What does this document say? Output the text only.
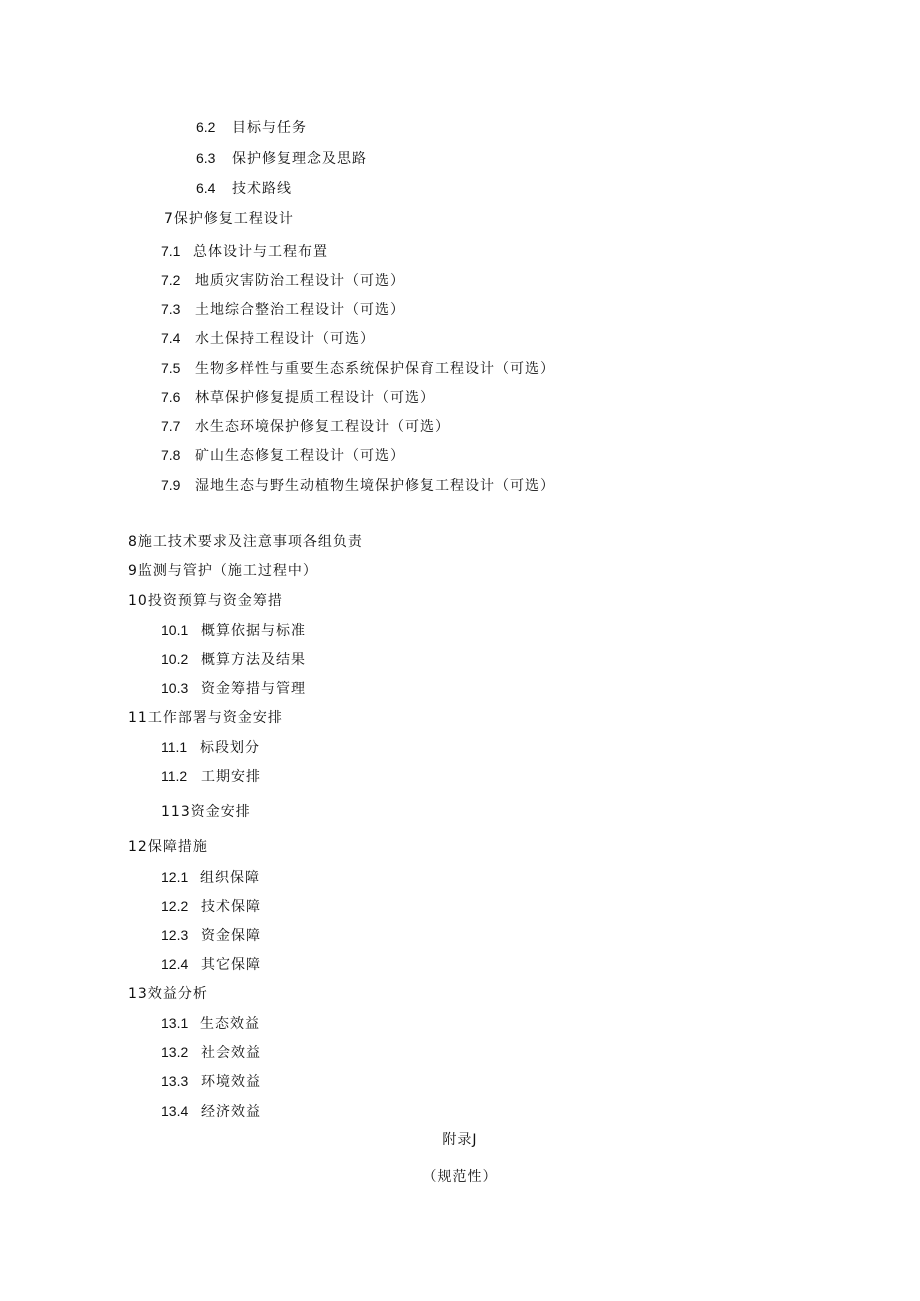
6.2 目标与任务
6.3 保护修复理念及思路
6.4 技术路线
7保护修复工程设计
7.1 总体设计与工程布置
7.2 地质灾害防治工程设计（可选）
7.3 土地综合整治工程设计（可选）
7.4 水土保持工程设计（可选）
7.5 生物多样性与重要生态系统保护保育工程设计（可选）
7.6 林草保护修复提质工程设计（可选）
7.7 水生态环境保护修复工程设计（可选）
7.8 矿山生态修复工程设计（可选）
7.9 湿地生态与野生动植物生境保护修复工程设计（可选）
8施工技术要求及注意事项各组负责
9监测与管护（施工过程中）
10投资预算与资金筹措
10.1 概算依据与标准
10.2 概算方法及结果
10.3 资金筹措与管理
11工作部署与资金安排
11.1 标段划分
11.2 工期安排
113资金安排
12保障措施
12.1 组织保障
12.2 技术保障
12.3 资金保障
12.4 其它保障
13效益分析
13.1 生态效益
13.2 社会效益
13.3 环境效益
13.4 经济效益
附录J
（规范性）
